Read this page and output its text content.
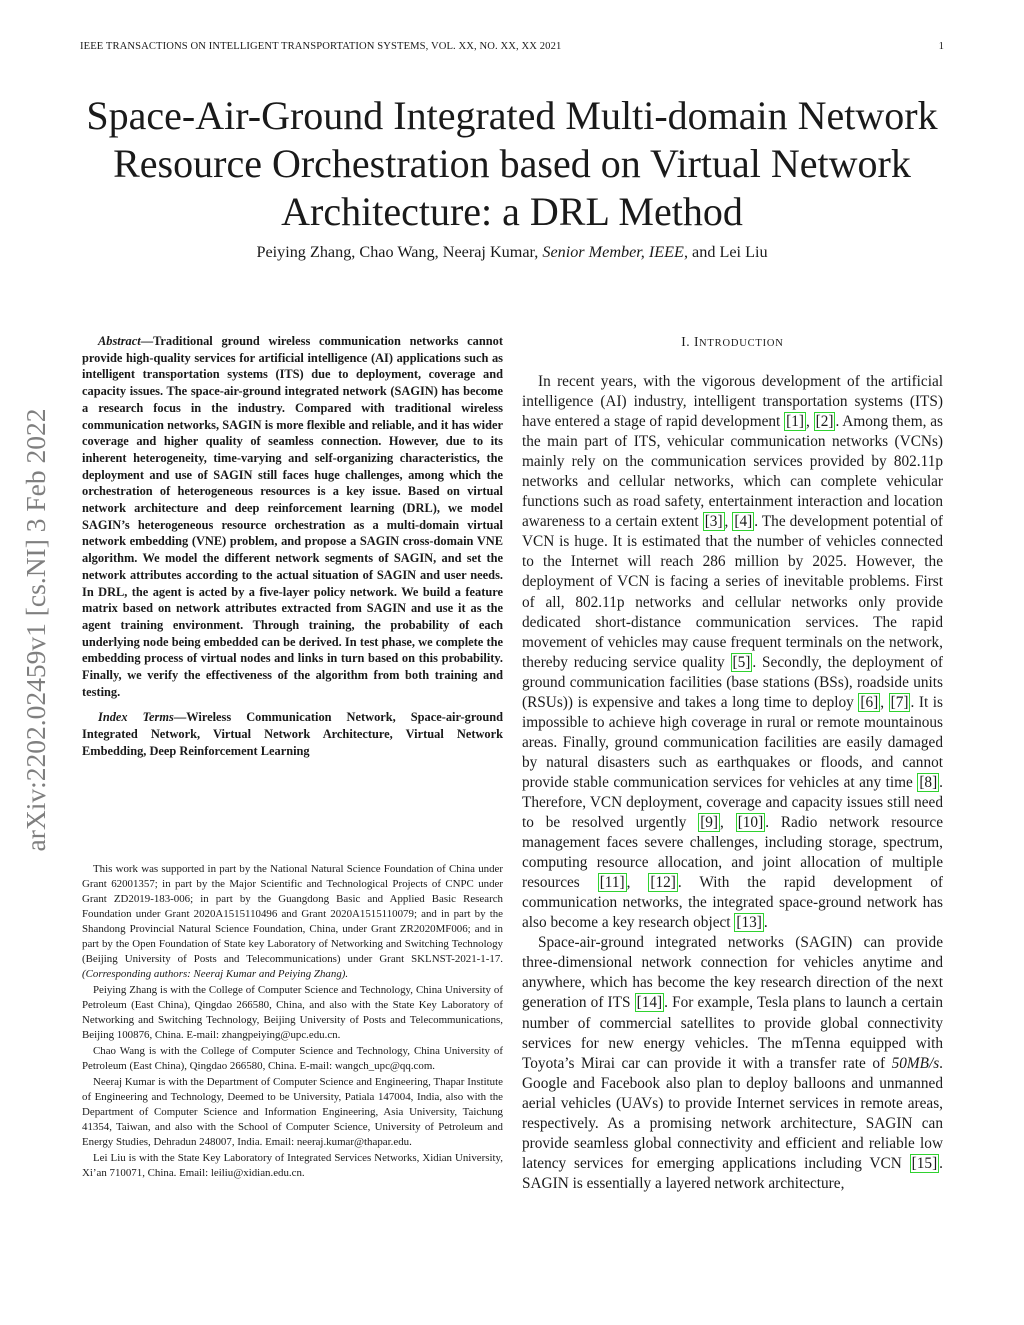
IEEE TRANSACTIONS ON INTELLIGENT TRANSPORTATION SYSTEMS, VOL. XX, NO. XX, XX 2021	1
Space-Air-Ground Integrated Multi-domain Network
Resource Orchestration based on Virtual Network
Architecture: a DRL Method
Peiying Zhang, Chao Wang, Neeraj Kumar, Senior Member, IEEE, and Lei Liu
arXiv:2202.02459v1 [cs.NI] 3 Feb 2022

Abstract—Traditional ground wireless communication networks cannot provide high-quality services for artificial intelligence (AI) applications such as intelligent transportation systems (ITS) due to deployment, coverage and capacity issues. The space-air-ground integrated network (SAGIN) has become a research focus in the industry. Compared with traditional wireless communication networks, SAGIN is more flexible and reliable, and it has wider coverage and higher quality of seamless connection. However, due to its inherent heterogeneity, time-varying and self-organizing characteristics, the deployment and use of SAGIN still faces huge challenges, among which the orchestration of heterogeneous resources is a key issue. Based on virtual network architecture and deep reinforcement learning (DRL), we model SAGIN’s heterogeneous resource orchestration as a multi-domain virtual network embedding (VNE) problem, and propose a SAGIN cross-domain VNE algorithm. We model the different network segments of SAGIN, and set the network attributes according to the actual situation of SAGIN and user needs. In DRL, the agent is acted by a five-layer policy network. We build a feature matrix based on network attributes extracted from SAGIN and use it as the agent training environment. Through training, the probability of each underlying node being embedded can be derived. In test phase, we complete the embedding process of virtual nodes and links in turn based on this probability. Finally, we verify the effectiveness of the algorithm from both training and testing.

Index Terms—Wireless Communication Network, Space-air-ground Integrated Network, Virtual Network Architecture, Virtual Network Embedding, Deep Reinforcement Learning

This work was supported in part by the National Natural Science Foundation of China under Grant 62001357; in part by the Major Scientific and Technological Projects of CNPC under Grant ZD2019-183-006; in part by the Guangdong Basic and Applied Basic Research Foundation under Grant 2020A1515110496 and Grant 2020A1515110079; and in part by the Shandong Provincial Natural Science Foundation, China, under Grant ZR2020MF006; and in part by the Open Foundation of State key Laboratory of Networking and Switching Technology (Beijing University of Posts and Telecommunications) under Grant SKLNST-2021-1-17. (Corresponding authors: Neeraj Kumar and Peiying Zhang).

Peiying Zhang is with the College of Computer Science and Technology, China University of Petroleum (East China), Qingdao 266580, China, and also with the State Key Laboratory of Networking and Switching Technology, Beijing University of Posts and Telecommunications, Beijing 100876, China. E-mail: zhangpeiying@upc.edu.cn.

Chao Wang is with the College of Computer Science and Technology, China University of Petroleum (East China), Qingdao 266580, China. E-mail: wangch_upc@qq.com.

Neeraj Kumar is with the Department of Computer Science and Engineering, Thapar Institute of Engineering and Technology, Deemed to be University, Patiala 147004, India, also with the Department of Computer Science and Information Engineering, Asia University, Taichung 41354, Taiwan, and also with the School of Computer Science, University of Petroleum and Energy Studies, Dehradun 248007, India. Email: neeraj.kumar@thapar.edu.

Lei Liu is with the State Key Laboratory of Integrated Services Networks, Xidian University, Xi’an 710071, China. Email: leiliu@xidian.edu.cn.

I. INTRODUCTION

In recent years, with the vigorous development of the artificial intelligence (AI) industry, intelligent transportation systems (ITS) have entered a stage of rapid development [1] , [2] . Among them, as the main part of ITS, vehicular communication networks (VCNs) mainly rely on the communication services provided by 802.11p networks and cellular networks, which can complete vehicular functions such as road safety, entertainment interaction and location awareness to a certain extent [3] , [4] . The development potential of VCN is huge. It is estimated that the number of vehicles connected to the Internet will reach 286 million by 2025. However, the deployment of VCN is facing a series of inevitable problems. First of all, 802.11p networks and cellular networks only provide dedicated short-distance communication services. The rapid movement of vehicles may cause frequent terminals on the network, thereby reducing service quality [5] . Secondly, the deployment of ground communication facilities (base stations (BSs), roadside units (RSUs)) is expensive and takes a long time to deploy [6] , [7] . It is impossible to achieve high coverage in rural or remote mountainous areas. Finally, ground communication facilities are easily damaged by natural disasters such as earthquakes or floods, and cannot provide stable communication services for vehicles at any time [8] . Therefore, VCN deployment, coverage and capacity issues still need to be resolved urgently [9] , [10] . Radio network resource management faces severe challenges, including storage, spectrum, computing resource allocation, and joint allocation of multiple resources [11] , [12] . With the rapid development of communication networks, the integrated space-ground network has also become a key research object [13] .

Space-air-ground integrated networks (SAGIN) can provide three-dimensional network connection for vehicles anytime and anywhere, which has become the key research direction of the next generation of ITS [14] . For example, Tesla plans to launch a certain number of commercial satellites to provide global connectivity services for new energy vehicles. The mTenna equipped with Toyota’s Mirai car can provide it with a transfer rate of 50MB/s. Google and Facebook also plan to deploy balloons and unmanned aerial vehicles (UAVs) to provide Internet services in remote areas, respectively. As a promising network architecture, SAGIN can provide seamless global connectivity and efficient and reliable low latency services for emerging applications including VCN [15] . SAGIN is essentially a layered network architecture,
